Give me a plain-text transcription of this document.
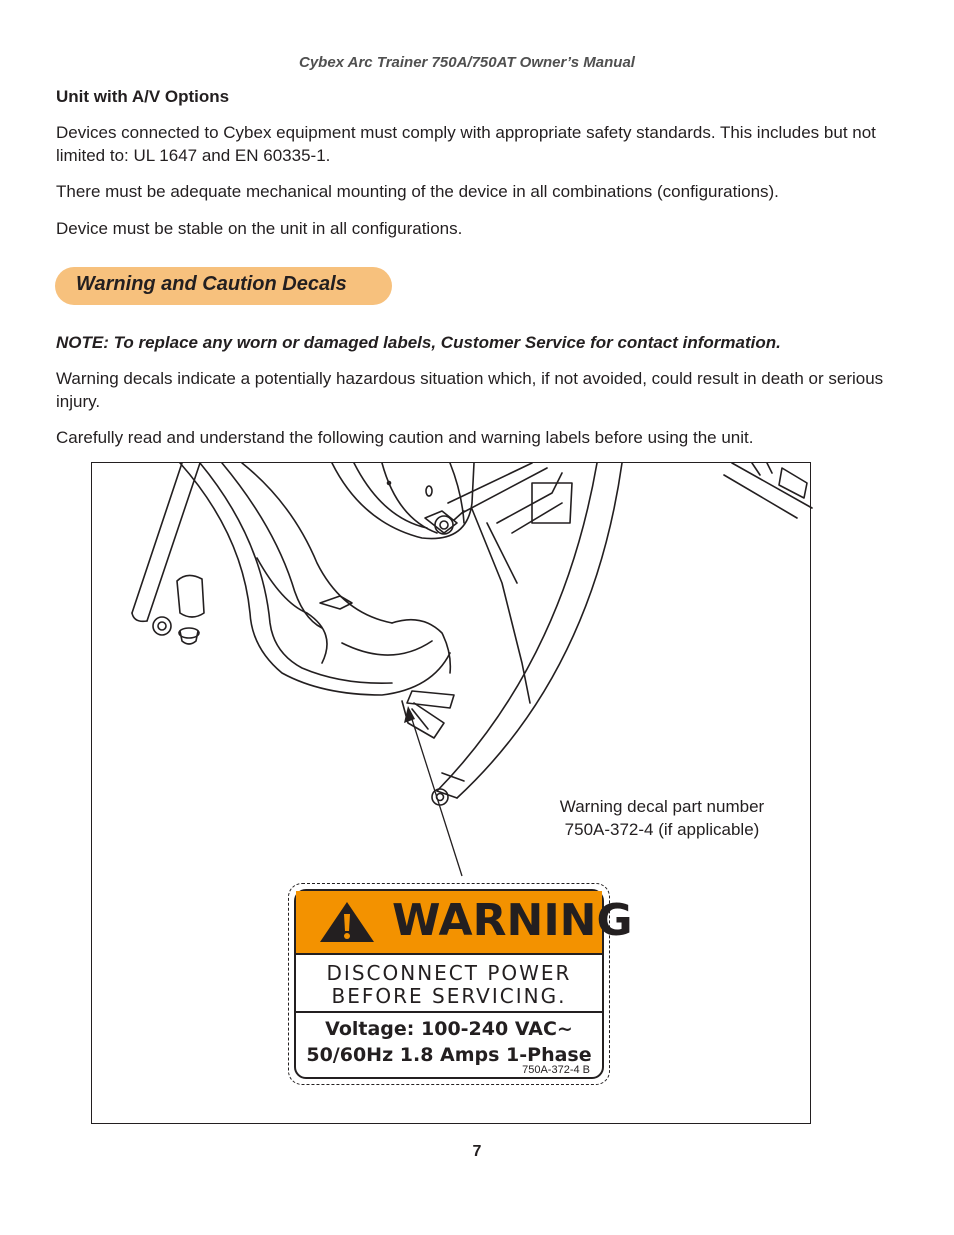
Cybex Arc Trainer 750A/750AT Owner’s Manual
Unit with A/V Options
Devices connected to Cybex equipment must comply with appropriate safety standards. This includes but not limited to: UL 1647 and EN 60335-1.
There must be adequate mechanical mounting of the device in all combinations (configurations).
Device must be stable on the unit in all configurations.
Warning and Caution Decals
NOTE: To replace any worn or damaged labels, Customer Service for contact information.
Warning decals indicate a potentially hazardous situation which, if not avoided, could result in death or serious injury.
Carefully read and understand the following caution and warning labels before using the unit.
Warning decal part number
750A-372-4 (if applicable)
WARNING
DISCONNECT POWER
BEFORE SERVICING.
Voltage: 100-240 VAC~
50/60Hz 1.8 Amps 1-Phase
750A-372-4 B
7
